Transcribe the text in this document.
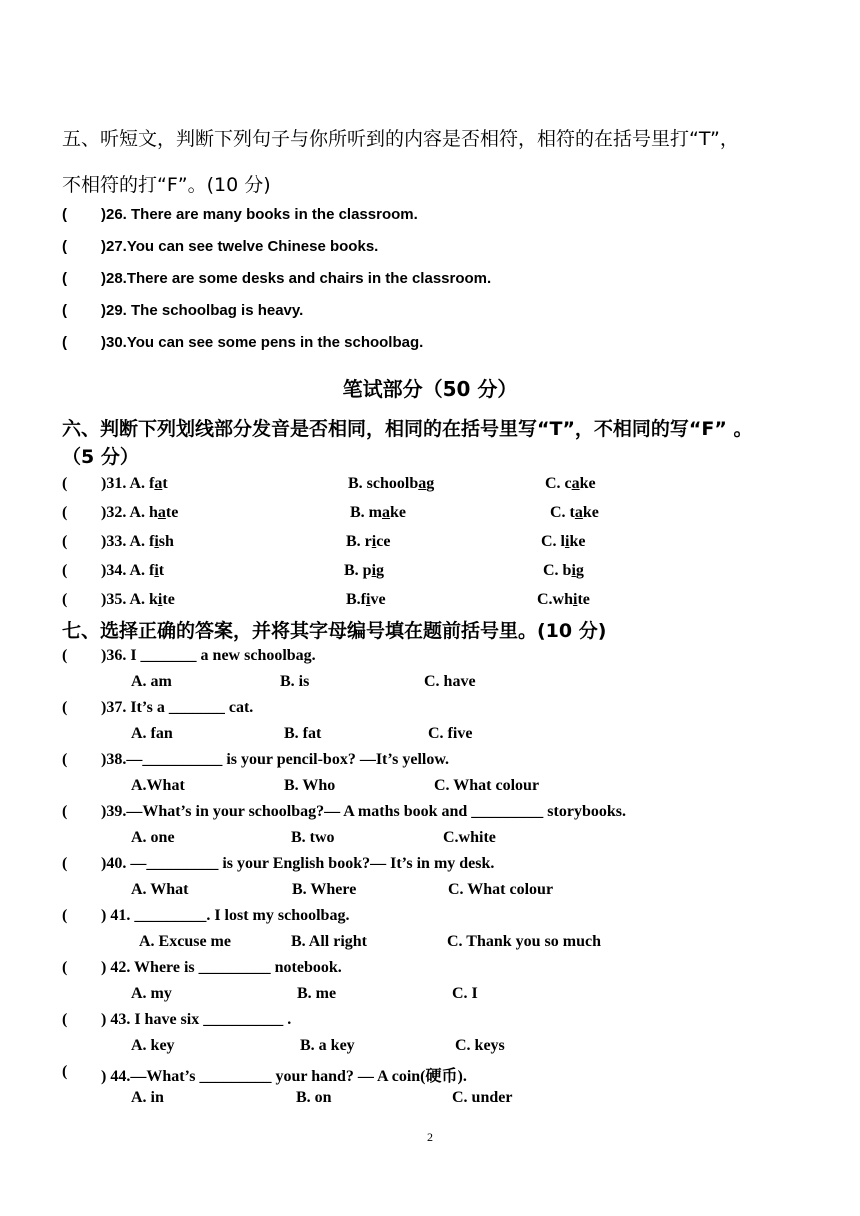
五、听短文，判断下列句子与你所听到的内容是否相符，相符的在括号里打“T”，
不相符的打“F”。(10 分)
( )26. There are many books in the classroom.
( )27.You can see twelve Chinese books.
( )28.There are some desks and chairs in the classroom.
( )29. The schoolbag is heavy.
( )30.You can see some pens in the schoolbag.
笔试部分（50 分）
六、判断下列划线部分发音是否相同，相同的在括号里写“T”，不相同的写“F” 。
（5 分）
( )31. A. fat	B. schoolbag	C. cake
( )32. A. hate	B. make	C. take
( )33. A. fish	B. rice	C. like
( )34. A. fit	B. pig	C. big
( )35. A. kite	B.five	C.white
七、选择正确的答案，并将其字母编号填在题前括号里。(10 分)
( )36. I _______ a new schoolbag.
A. am	B. is	C. have
( )37. It’s a _______ cat.
A. fan	B. fat	C. five
( )38.—__________ is your pencil-box? —It’s yellow.
A.What	B. Who	C. What colour
( )39.—What’s in your schoolbag?— A maths book and _________ storybooks.
A. one	B. two	C.white
( )40. —_________ is your English book?— It’s in my desk.
A. What	B. Where	C. What colour
( ) 41. _________. I lost my schoolbag.
A. Excuse me	B. All right	C. Thank you so much
( ) 42. Where is _________ notebook.
A. my	B. me	C. I
( ) 43. I have six __________ .
A. key	B. a key	C. keys
( ) 44.—What’s _________ your hand? — A coin(硬币).
A. in	B. on	C. under
2
